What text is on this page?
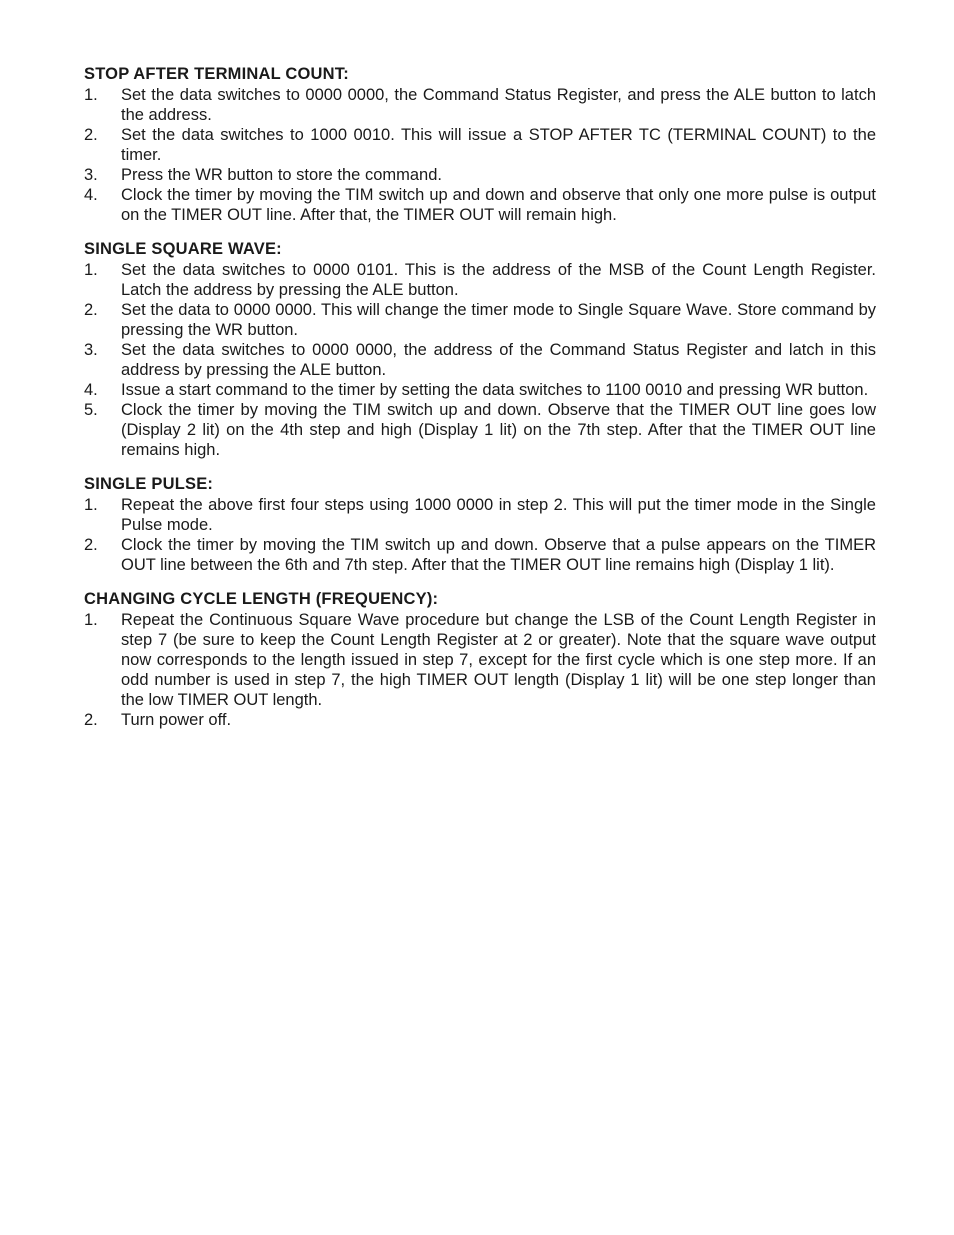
STOP AFTER TERMINAL COUNT:
1.	Set the data switches to 0000 0000, the Command Status Register, and press the ALE button to latch the address.
2.	Set the data switches to 1000 0010. This will issue a STOP AFTER TC (TERMINAL COUNT) to the timer.
3.	Press the WR button to store the command.
4.	Clock the timer by moving the TIM switch up and down and observe that only one more pulse is output on the TIMER OUT line. After that, the TIMER OUT will remain high.
SINGLE SQUARE WAVE:
1.	Set the data switches to 0000 0101. This is the address of the MSB of the Count Length Register. Latch the address by pressing the ALE button.
2.	Set the data to 0000 0000. This will change the timer mode to Single Square Wave. Store command by pressing the WR button.
3.	Set the data switches to 0000 0000, the address of the Command Status Register and latch in this address by pressing the ALE button.
4.	Issue a start command to the timer by setting the data switches to 1100 0010 and pressing WR button.
5.	Clock the timer by moving the TIM switch up and down. Observe that the TIMER OUT line goes low (Display 2 lit) on the 4th step and high (Display 1 lit) on the 7th step. After that the TIMER OUT line remains high.
SINGLE PULSE:
1.	Repeat the above first four steps using 1000 0000 in step 2. This will put the timer mode in the Single Pulse mode.
2.	Clock the timer by moving the TIM switch up and down. Observe that a pulse appears on the TIMER OUT line between the 6th and 7th step. After that the TIMER OUT line remains high (Display 1 lit).
CHANGING CYCLE LENGTH (FREQUENCY):
1.	Repeat the Continuous Square Wave procedure but change the LSB of the Count Length Register in step 7 (be sure to keep the Count Length Register at 2 or greater). Note that the square wave output now corresponds to the length issued in step 7, except for the first cycle which is one step more. If an odd number is used in step 7, the high TIMER OUT length (Display 1 lit) will be one step longer than the low TIMER OUT length.
2.	Turn power off.
